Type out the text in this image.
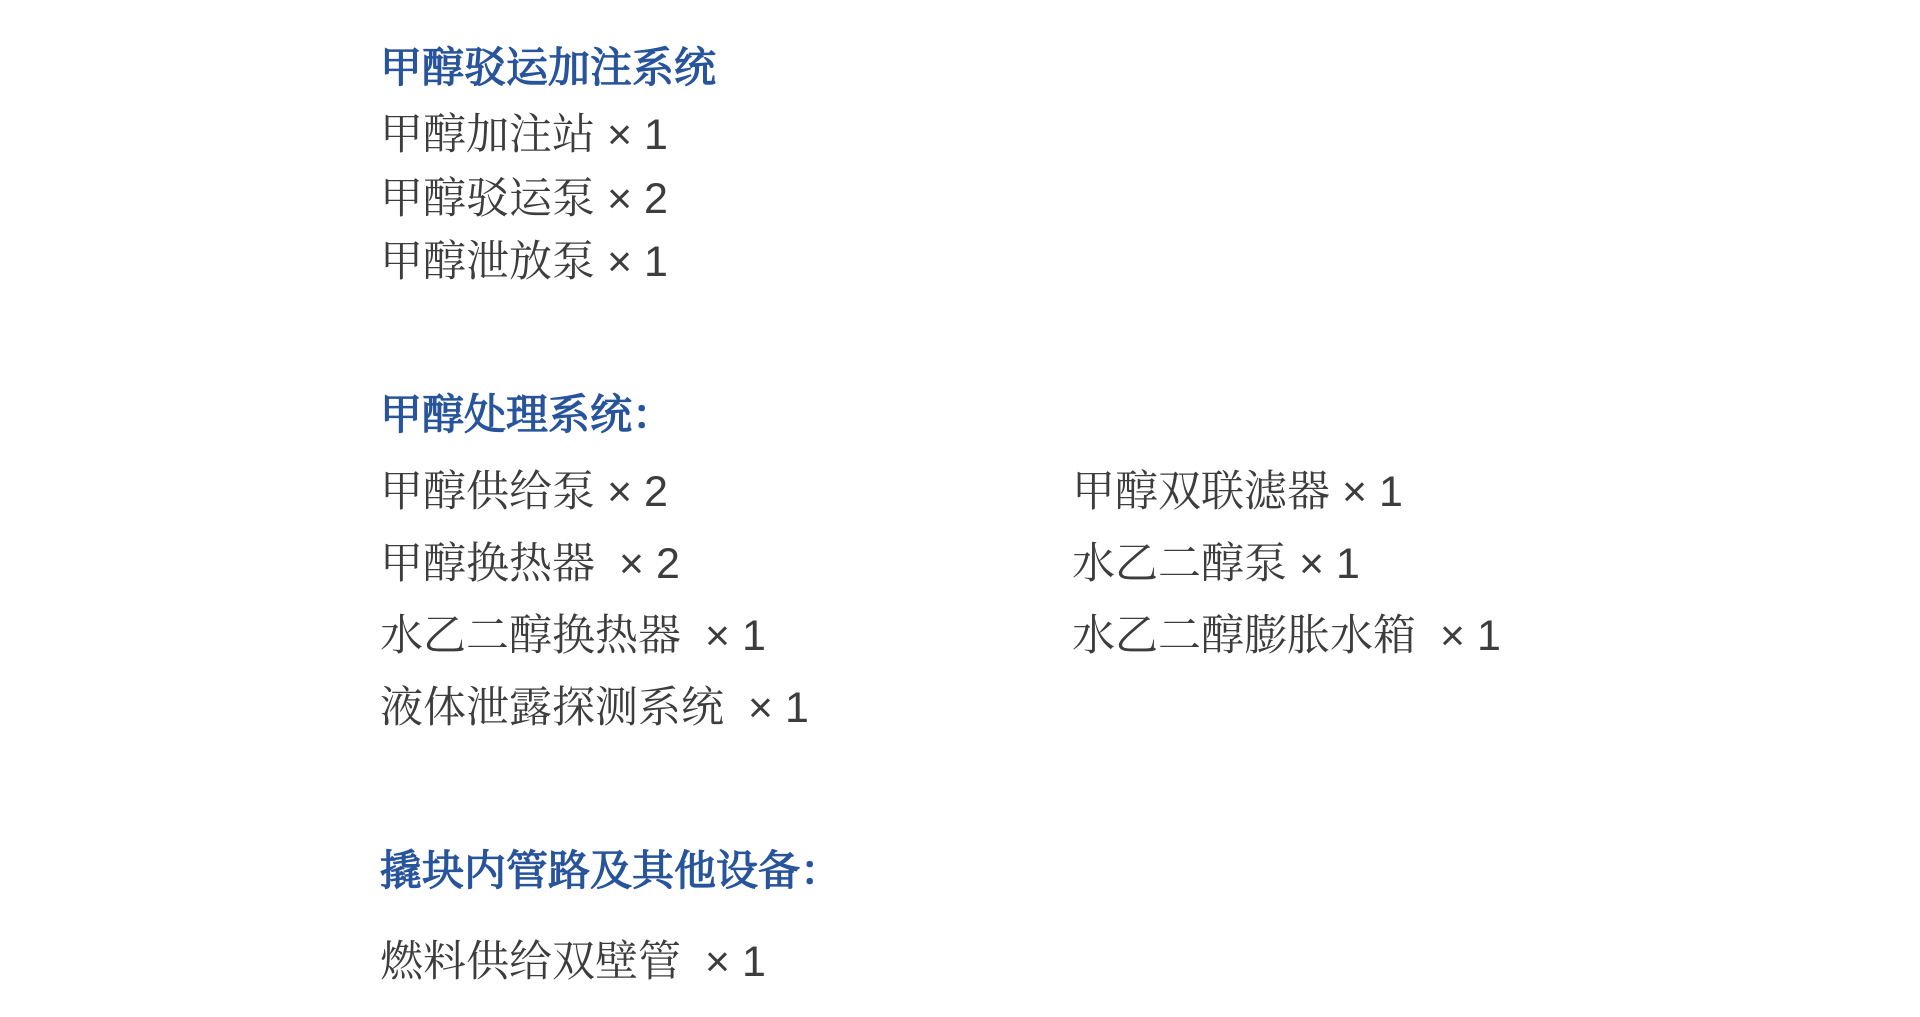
甲醇驳运加注系统

甲醇加注站 × 1

甲醇驳运泵 × 2

甲醇泄放泵 × 1

甲醇处理系统：

甲醇供给泵 × 2

甲醇换热器  × 2

水乙二醇换热器  × 1

液体泄露探测系统  × 1

甲醇双联滤器 × 1

水乙二醇泵 × 1

水乙二醇膨胀水箱  × 1

撬块内管路及其他设备：

燃料供给双壁管  × 1
